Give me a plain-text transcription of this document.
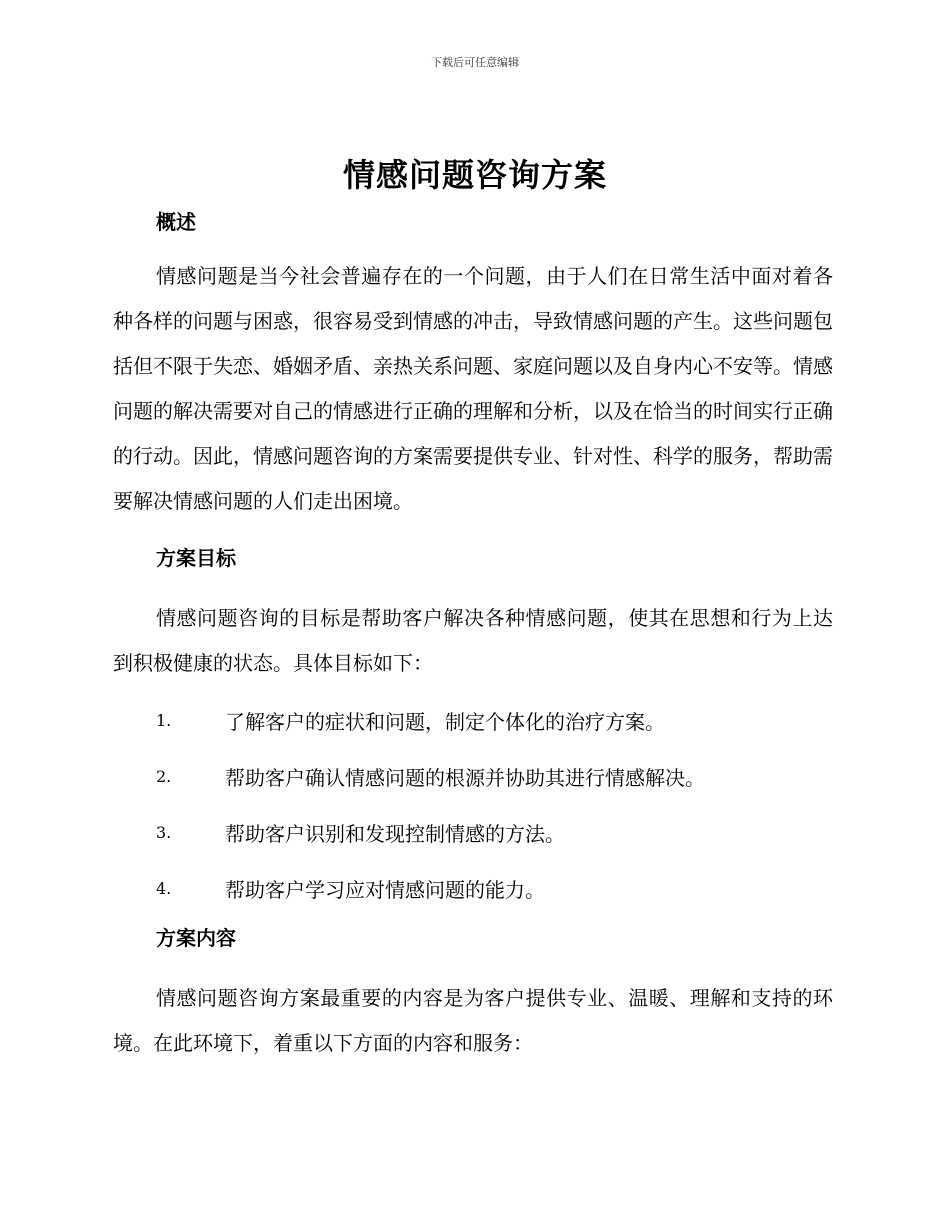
下载后可任意编辑
情感问题咨询方案
概述

情感问题是当今社会普遍存在的一个问题，由于人们在日常生活中面对着各种各样的问题与困惑，很容易受到情感的冲击，导致情感问题的产生。这些问题包括但不限于失恋、婚姻矛盾、亲热关系问题、家庭问题以及自身内心不安等。情感问题的解决需要对自己的情感进行正确的理解和分析，以及在恰当的时间实行正确的行动。因此，情感问题咨询的方案需要提供专业、针对性、科学的服务，帮助需要解决情感问题的人们走出困境。

方案目标

情感问题咨询的目标是帮助客户解决各种情感问题，使其在思想和行为上达到积极健康的状态。具体目标如下：

1.	了解客户的症状和问题，制定个体化的治疗方案。
2.	帮助客户确认情感问题的根源并协助其进行情感解决。
3.	帮助客户识别和发现控制情感的方法。
4.	帮助客户学习应对情感问题的能力。
方案内容

情感问题咨询方案最重要的内容是为客户提供专业、温暖、理解和支持的环境。在此环境下，着重以下方面的内容和服务：
